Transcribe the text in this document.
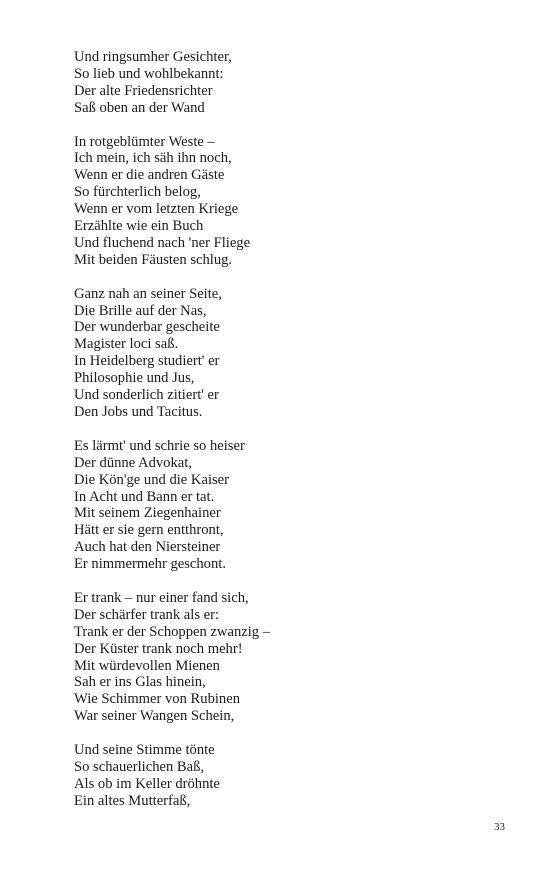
Und ringsumher Gesichter,
So lieb und wohlbekannt:
Der alte Friedensrichter
Saß oben an der Wand
In rotgeblümter Weste –
Ich mein, ich säh ihn noch,
Wenn er die andren Gäste
So fürchterlich belog,
Wenn er vom letzten Kriege
Erzählte wie ein Buch
Und fluchend nach 'ner Fliege
Mit beiden Fäusten schlug.
Ganz nah an seiner Seite,
Die Brille auf der Nas,
Der wunderbar gescheite
Magister loci saß.
In Heidelberg studiert' er
Philosophie und Jus,
Und sonderlich zitiert' er
Den Jobs und Tacitus.
Es lärmt' und schrie so heiser
Der dünne Advokat,
Die Kön'ge und die Kaiser
In Acht und Bann er tat.
Mit seinem Ziegenhainer
Hätt er sie gern entthront,
Auch hat den Niersteiner
Er nimmermehr geschont.
Er trank – nur einer fand sich,
Der schärfer trank als er:
Trank er der Schoppen zwanzig –
Der Küster trank noch mehr!
Mit würdevollen Mienen
Sah er ins Glas hinein,
Wie Schimmer von Rubinen
War seiner Wangen Schein,
Und seine Stimme tönte
So schauerlichen Baß,
Als ob im Keller dröhnte
Ein altes Mutterfaß,
33
